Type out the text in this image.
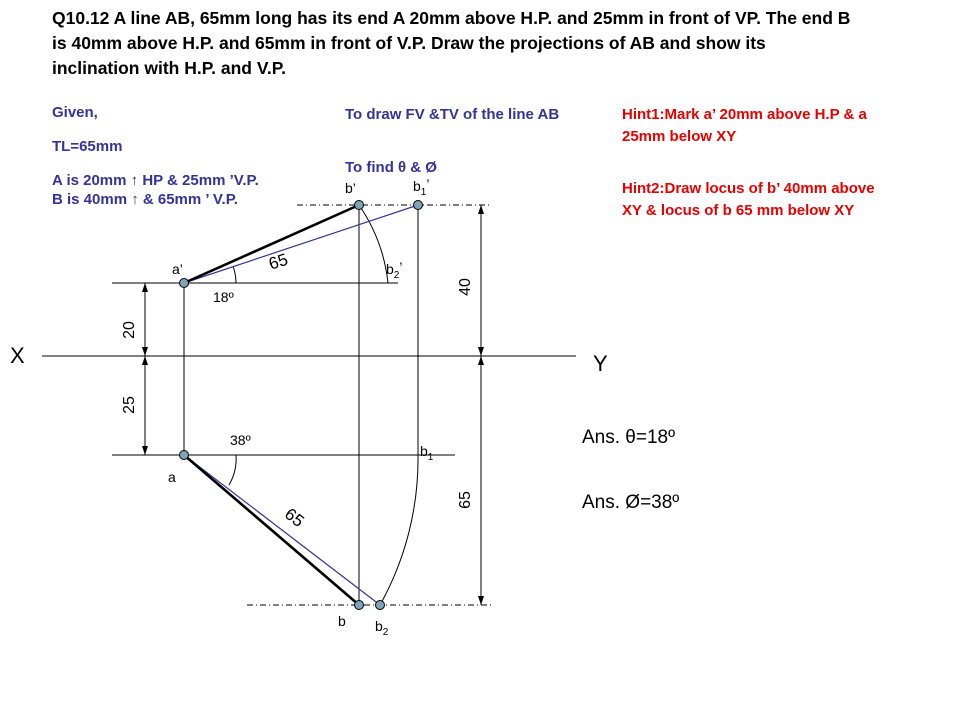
Q10.12 A line AB, 65mm long has its end A 20mm above H.P. and 25mm in front of VP. The end B is 40mm above H.P. and 65mm in front of V.P. Draw the projections of AB and show its inclination with H.P. and V.P.

Given,

TL=65mm

A is 20mm ↑ HP & 25mm ’V.P.

B is 40mm ↑ & 65mm ’ V.P.

To draw FV &TV of the line AB

To find θ & Ø

Hint1:Mark a’ 20mm above H.P & a 25mm below XY

Hint2:Draw locus of b’ 40mm above XY & locus of b 65 mm below XY

X	Y
a’
a
b’	$b_1$’
$b_2$’
$b_1$
b $b_2$
20
25
40
65
65
65
18º
38º	Ans. θ=18º
Ans. Ø=38º
